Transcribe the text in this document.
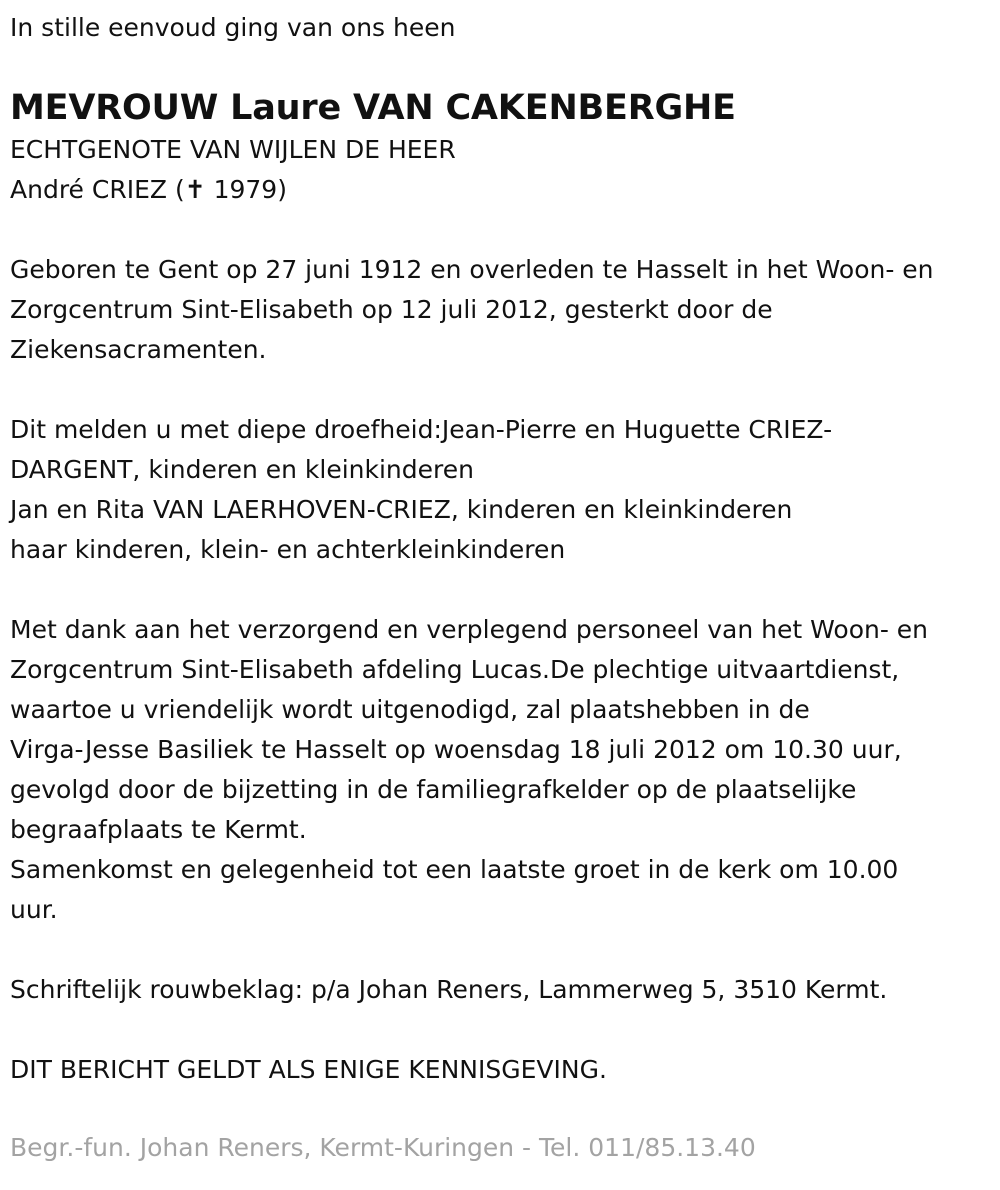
In stille eenvoud ging van ons heen

MEVROUW Laure VAN CAKENBERGHE

ECHTGENOTE VAN WIJLEN DE HEER

André CRIEZ (✝ 1979)

Geboren te Gent op 27 juni 1912 en overleden te Hasselt in het Woon- en

Zorgcentrum Sint-Elisabeth op 12 juli 2012, gesterkt door de

Ziekensacramenten.

Dit melden u met diepe droefheid:Jean-Pierre en Huguette CRIEZ-

DARGENT, kinderen en kleinkinderen

Jan en Rita VAN LAERHOVEN-CRIEZ, kinderen en kleinkinderen

haar kinderen, klein- en achterkleinkinderen

Met dank aan het verzorgend en verplegend personeel van het Woon- en

Zorgcentrum Sint-Elisabeth afdeling Lucas.De plechtige uitvaartdienst,

waartoe u vriendelijk wordt uitgenodigd, zal plaatshebben in de

Virga-Jesse Basiliek te Hasselt op woensdag 18 juli 2012 om 10.30 uur,

gevolgd door de bijzetting in de familiegrafkelder op de plaatselijke

begraafplaats te Kermt.

Samenkomst en gelegenheid tot een laatste groet in de kerk om 10.00

uur.

Schriftelijk rouwbeklag: p/a Johan Reners, Lammerweg 5, 3510 Kermt.

DIT BERICHT GELDT ALS ENIGE KENNISGEVING.

Begr.-fun. Johan Reners, Kermt-Kuringen - Tel. 011/85.13.40
